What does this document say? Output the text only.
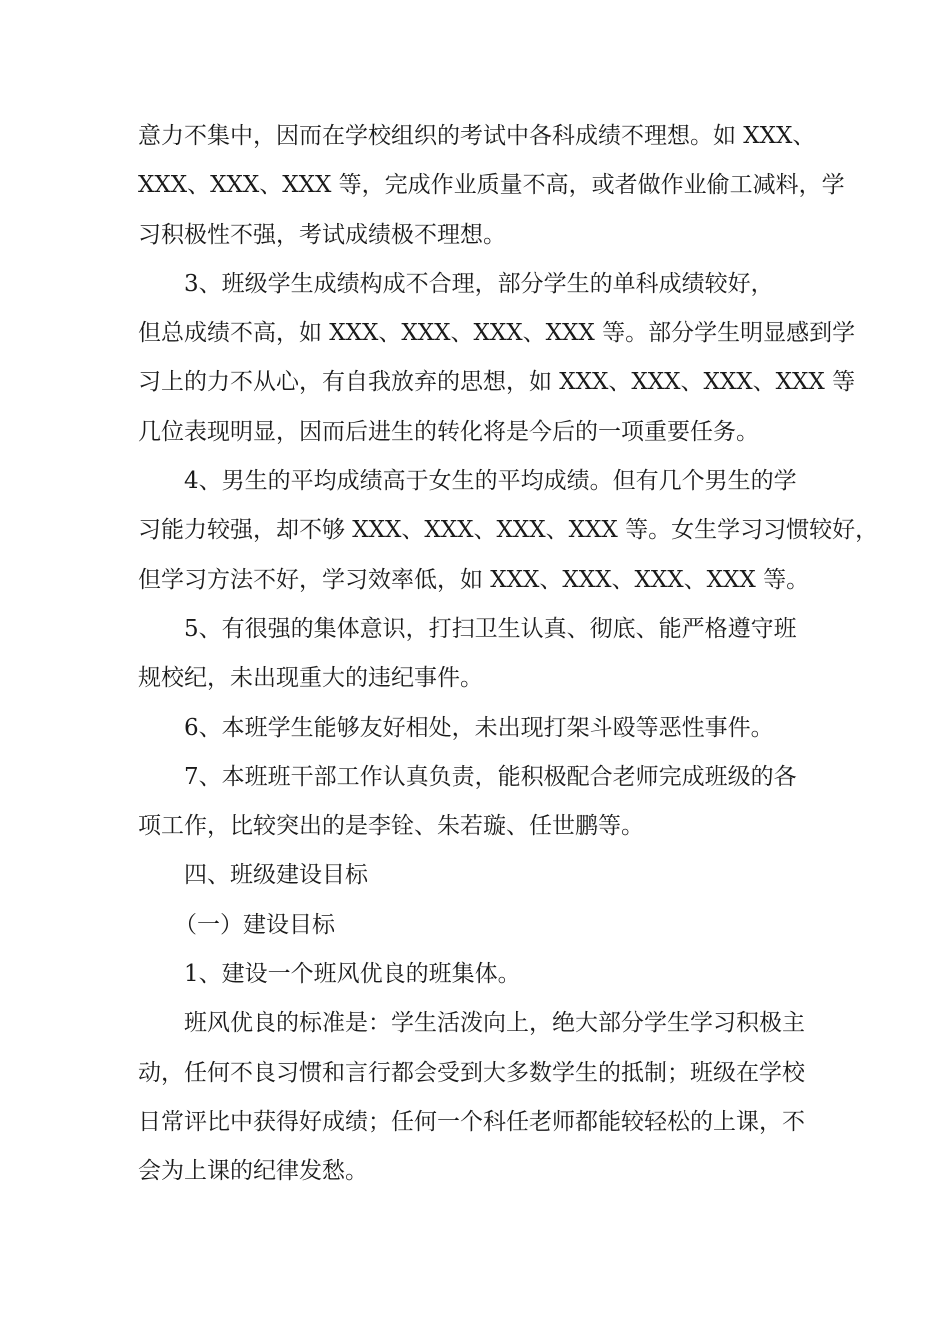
意力不集中，因而在学校组织的考试中各科成绩不理想。如 XXX、
XXX、XXX、XXX 等，完成作业质量不高，或者做作业偷工减料，学
习积极性不强，考试成绩极不理想。
3、班级学生成绩构成不合理，部分学生的单科成绩较好，
但总成绩不高，如 XXX、XXX、XXX、XXX 等。部分学生明显感到学
习上的力不从心，有自我放弃的思想，如 XXX、XXX、XXX、XXX 等
几位表现明显，因而后进生的转化将是今后的一项重要任务。
4、男生的平均成绩高于女生的平均成绩。但有几个男生的学
习能力较强，却不够 XXX、XXX、XXX、XXX 等。女生学习习惯较好，
但学习方法不好，学习效率低，如 XXX、XXX、XXX、XXX 等。
5、有很强的集体意识，打扫卫生认真、彻底、能严格遵守班
规校纪，未出现重大的违纪事件。
6、本班学生能够友好相处，未出现打架斗殴等恶性事件。
7、本班班干部工作认真负责，能积极配合老师完成班级的各
项工作，比较突出的是李铨、朱若璇、任世鹏等。
四、班级建设目标
（一）建设目标
1、建设一个班风优良的班集体。
班风优良的标准是：学生活泼向上，绝大部分学生学习积极主
动，任何不良习惯和言行都会受到大多数学生的抵制；班级在学校
日常评比中获得好成绩；任何一个科任老师都能较轻松的上课，不
会为上课的纪律发愁。
